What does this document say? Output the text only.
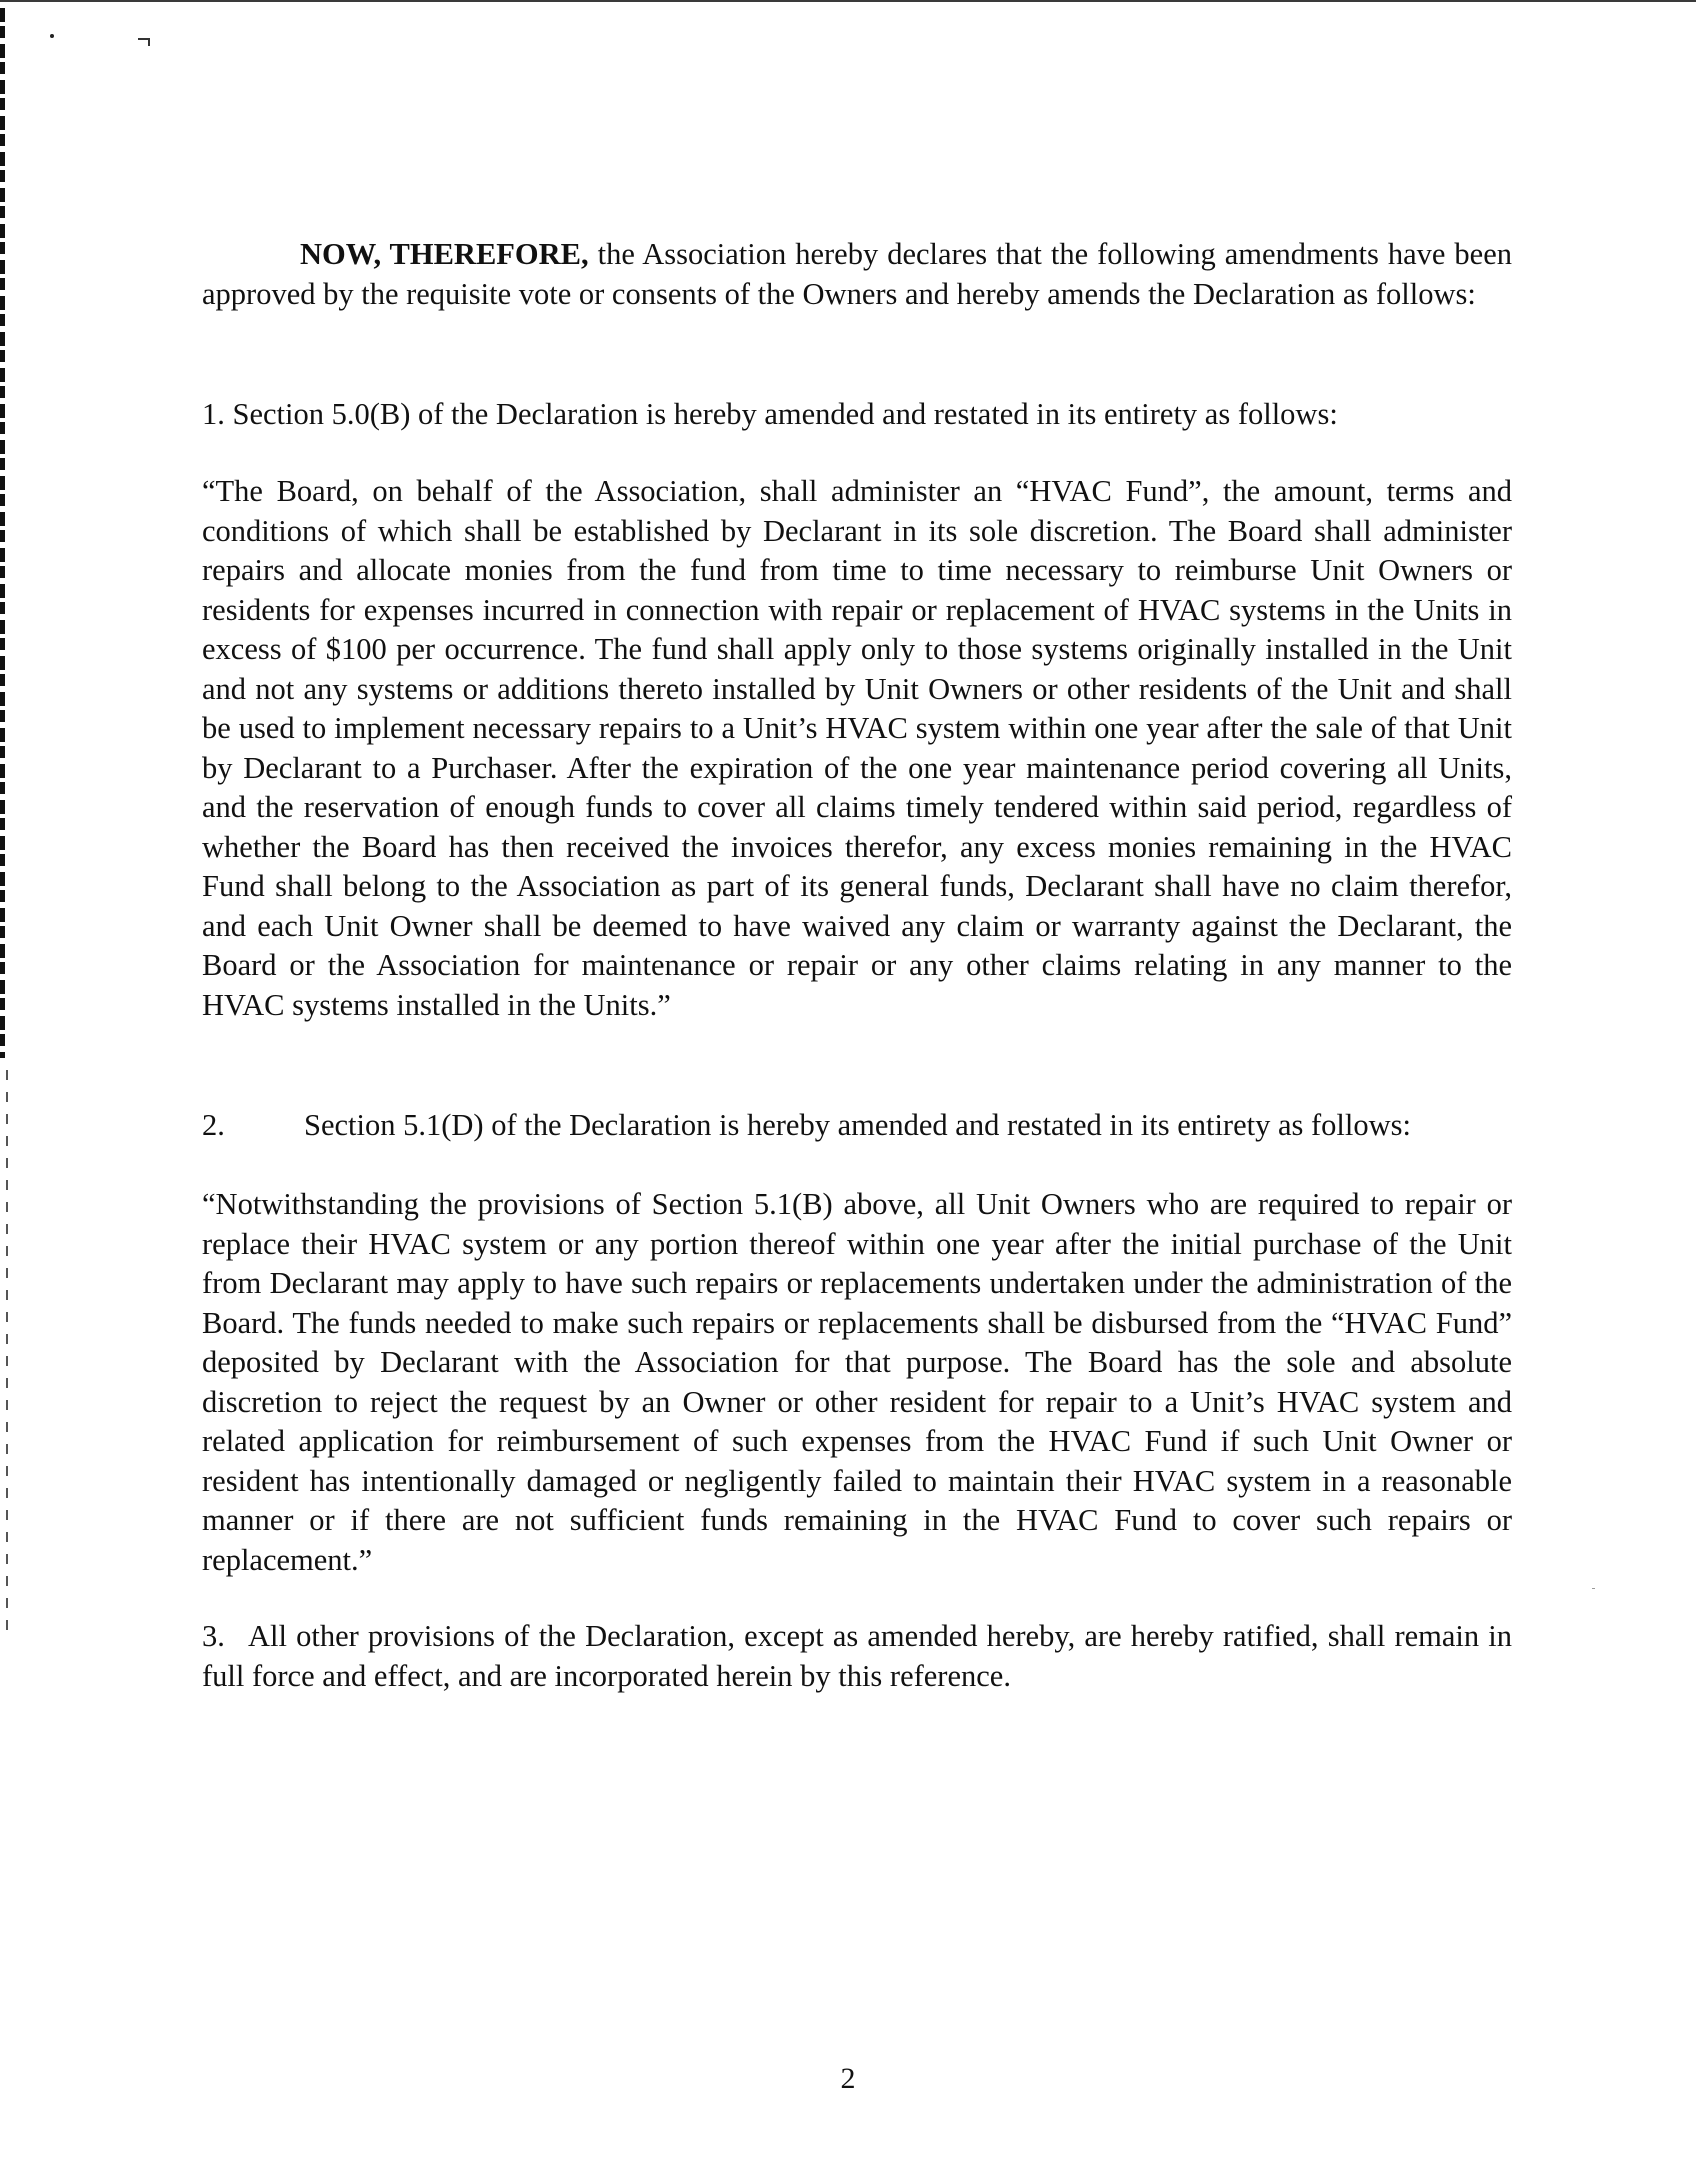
NOW, THEREFORE, the Association hereby declares that the following amendments have been approved by the requisite vote or consents of the Owners and hereby amends the Declaration as follows:

1. Section 5.0(B) of the Declaration is hereby amended and restated in its entirety as follows:

“The Board, on behalf of the Association, shall administer an “HVAC Fund”, the amount, terms and conditions of which shall be established by Declarant in its sole discretion. The Board shall administer repairs and allocate monies from the fund from time to time necessary to reimburse Unit Owners or residents for expenses incurred in connection with repair or replacement of HVAC systems in the Units in excess of $100 per occurrence. The fund shall apply only to those systems originally installed in the Unit and not any systems or additions thereto installed by Unit Owners or other residents of the Unit and shall be used to implement necessary repairs to a Unit’s HVAC system within one year after the sale of that Unit by Declarant to a Purchaser. After the expiration of the one year maintenance period covering all Units, and the reservation of enough funds to cover all claims timely tendered within said period, regardless of whether the Board has then received the invoices therefor, any excess monies remaining in the HVAC Fund shall belong to the Association as part of its general funds, Declarant shall have no claim therefor, and each Unit Owner shall be deemed to have waived any claim or warranty against the Declarant, the Board or the Association for maintenance or repair or any other claims relating in any manner to the HVAC systems installed in the Units.”

2.	Section 5.1(D) of the Declaration is hereby amended and restated in its entirety as follows:

“Notwithstanding the provisions of Section 5.1(B) above, all Unit Owners who are required to repair or replace their HVAC system or any portion thereof within one year after the initial purchase of the Unit from Declarant may apply to have such repairs or replacements undertaken under the administration of the Board. The funds needed to make such repairs or replacements shall be disbursed from the “HVAC Fund” deposited by Declarant with the Association for that purpose. The Board has the sole and absolute discretion to reject the request by an Owner or other resident for repair to a Unit’s HVAC system and related application for reimbursement of such expenses from the HVAC Fund if such Unit Owner or resident has intentionally damaged or negligently failed to maintain their HVAC system in a reasonable manner or if there are not sufficient funds remaining in the HVAC Fund to cover such repairs or replacement.”

3. All other provisions of the Declaration, except as amended hereby, are hereby ratified, shall remain in full force and effect, and are incorporated herein by this reference.

2
